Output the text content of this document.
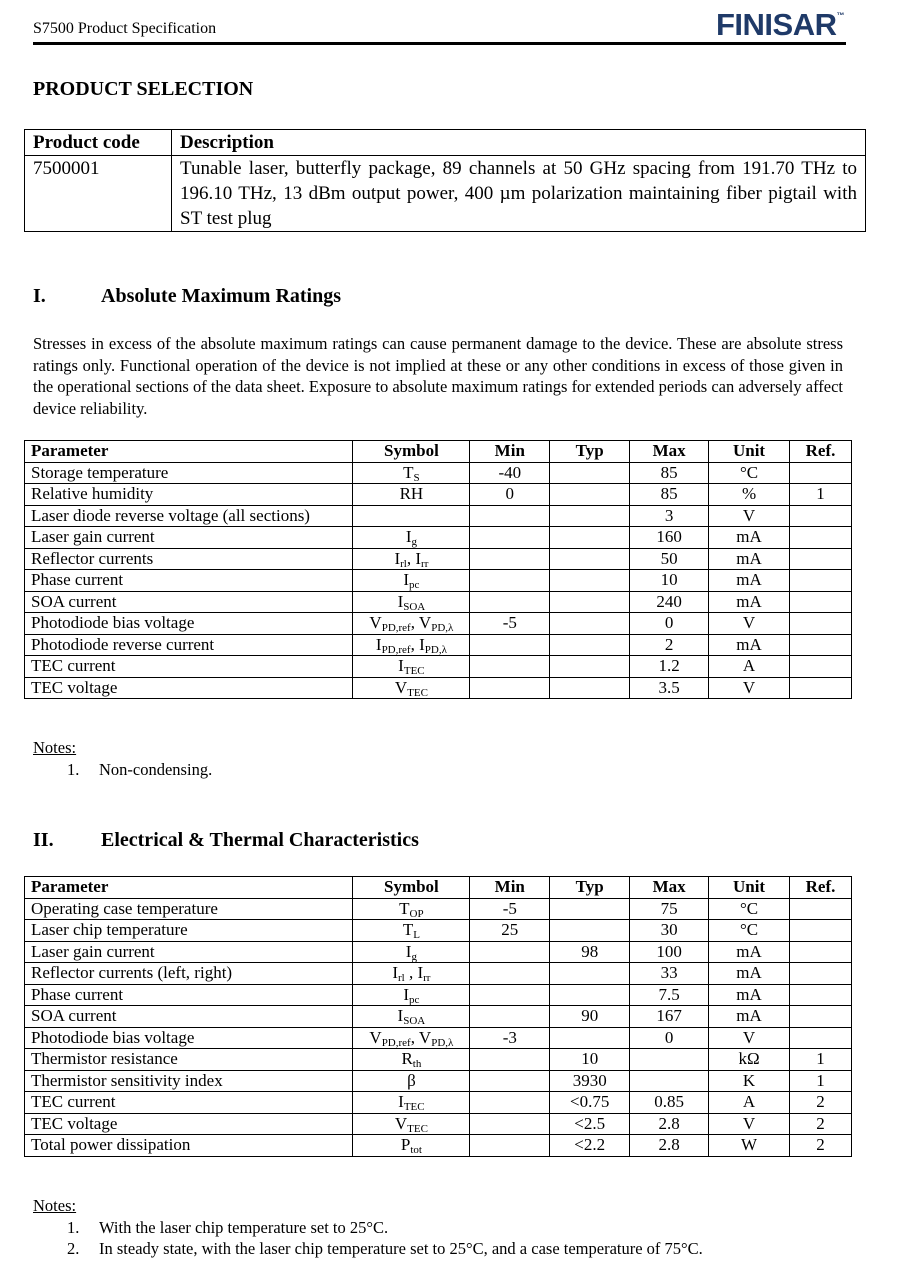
S7500 Product Specification	FINISAR™
PRODUCT SELECTION
Product code	Description
7500001	Tunable laser, butterfly package, 89 channels at 50 GHz spacing from 191.70 THz to 196.10 THz, 13 dBm output power, 400 µm polarization maintaining fiber pigtail with ST test plug
I.	Absolute Maximum Ratings
Stresses in excess of the absolute maximum ratings can cause permanent damage to the device. These are absolute stress ratings only. Functional operation of the device is not implied at these or any other conditions in excess of those given in the operational sections of the data sheet. Exposure to absolute maximum ratings for extended periods can adversely affect device reliability.
Parameter	Symbol	Min	Typ	Max	Unit	Ref.
Storage temperature	$T_S$	-40		85	°C	
Relative humidity	RH	0		85	%	1
Laser diode reverse voltage (all sections)				3	V	
Laser gain current	$I_g$			160	mA	
Reflector currents	$I_{rl}$, $I_{rr}$			50	mA	
Phase current	$I_{pc}$			10	mA	
SOA current	$I_{SOA}$			240	mA	
Photodiode bias voltage	$V_{PD,ref}$, $V_{PD,\lambda}$	-5		0	V	
Photodiode reverse current	$I_{PD,ref}$, $I_{PD,\lambda}$			2	mA	
TEC current	$I_{TEC}$			1.2	A	
TEC voltage	$V_{TEC}$			3.5	V	
Notes:
1. Non-condensing.
II. Electrical & Thermal Characteristics
Parameter	Symbol	Min	Typ	Max	Unit	Ref.
Operating case temperature	$T_{OP}$	-5		75	°C	
Laser chip temperature	$T_L$	25		30	°C	
Laser gain current	$I_g$		98	100	mA	
Reflector currents (left, right)	$I_{rl}$ , $I_{rr}$			33	mA	
Phase current	$I_{pc}$			7.5	mA	
SOA current	$I_{SOA}$		90	167	mA	
Photodiode bias voltage	$V_{PD,ref}$, $V_{PD,\lambda}$	-3		0	V	
Thermistor resistance	$R_{th}$		10		kΩ	1
Thermistor sensitivity index	β		3930		K	1
TEC current	$I_{TEC}$		<0.75	0.85	A	2
TEC voltage	$V_{TEC}$		<2.5	2.8	V	2
Total power dissipation	$P_{tot}$		<2.2	2.8	W	2
Notes:
1. With the laser chip temperature set to 25°C.
2. In steady state, with the laser chip temperature set to 25°C, and a case temperature of 75°C.
